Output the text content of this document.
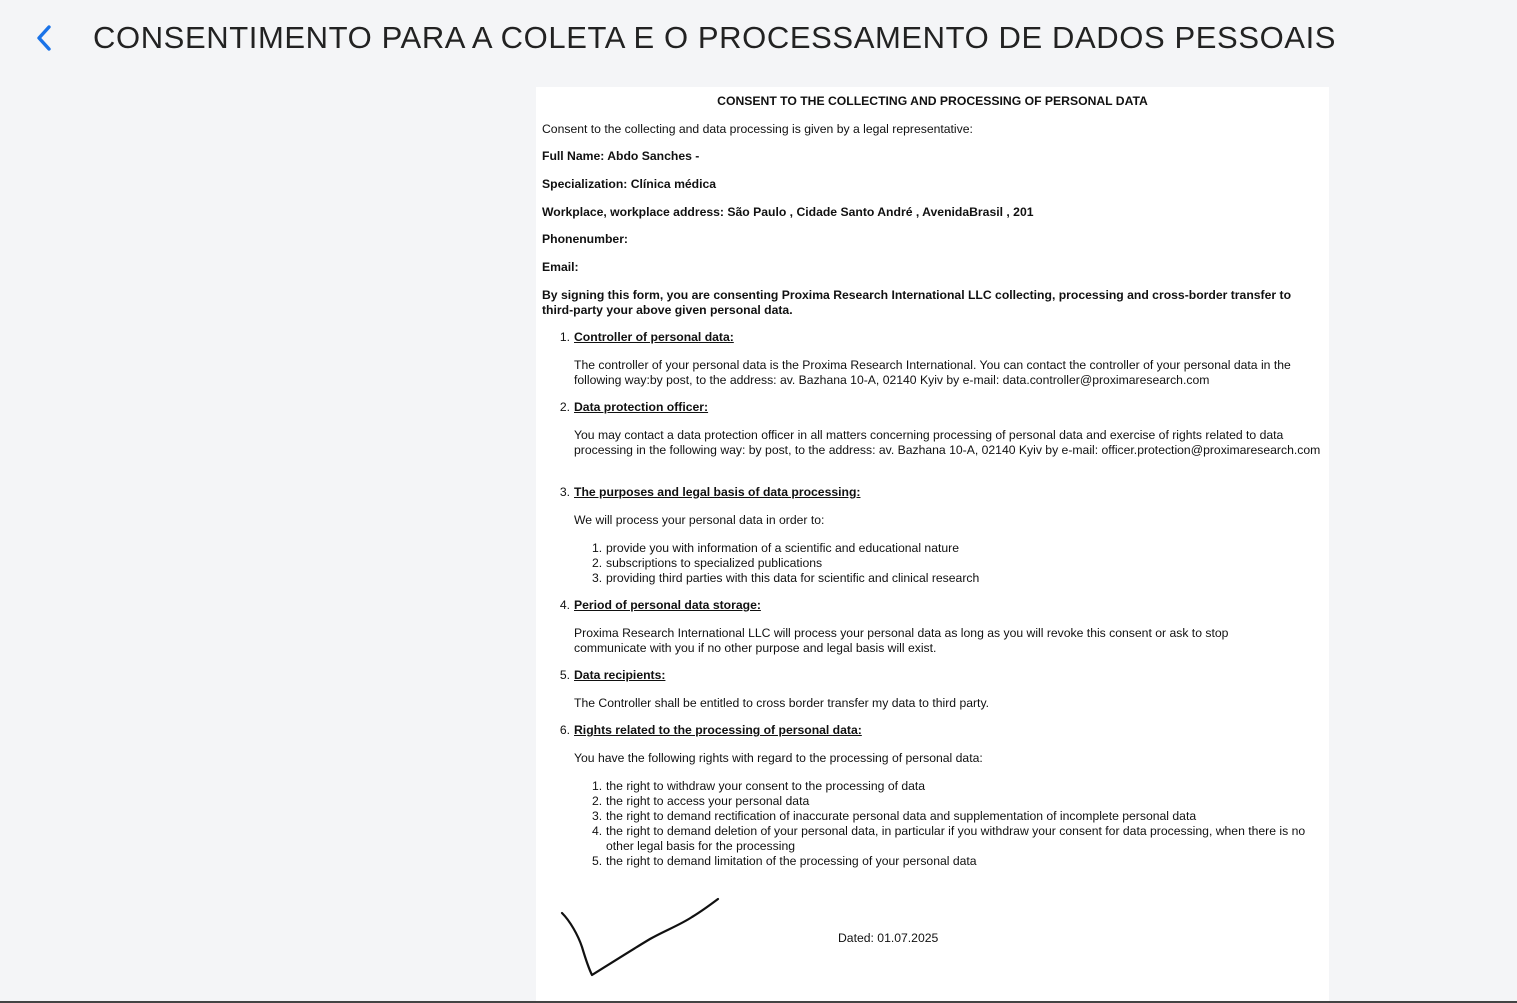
CONSENTIMENTO PARA A COLETA E O PROCESSAMENTO DE DADOS PESSOAIS
CONSENT TO THE COLLECTING AND PROCESSING OF PERSONAL DATA
Consent to the collecting and data processing is given by a legal representative:
Full Name: Abdo Sanches -
Specialization: Clínica médica
Workplace, workplace address: São Paulo , Cidade Santo André , AvenidaBrasil , 201
Phonenumber:
Email:
By signing this form, you are consenting Proxima Research International LLC collecting, processing and cross-border transfer to third-party your above given personal data.
1. Controller of personal data:
The controller of your personal data is the Proxima Research International. You can contact the controller of your personal data in the following way:by post, to the address: av. Bazhana 10-A, 02140 Kyiv by e-mail: data.controller@proximaresearch.com
2. Data protection officer:
You may contact a data protection officer in all matters concerning processing of personal data and exercise of rights related to data processing in the following way: by post, to the address: av. Bazhana 10-A, 02140 Kyiv by e-mail: officer.protection@proximaresearch.com
3. The purposes and legal basis of data processing:
We will process your personal data in order to:
1. provide you with information of a scientific and educational nature
2. subscriptions to specialized publications
3. providing third parties with this data for scientific and clinical research
4. Period of personal data storage:
Proxima Research International LLC will process your personal data as long as you will revoke this consent or ask to stop communicate with you if no other purpose and legal basis will exist.
5. Data recipients:
The Controller shall be entitled to cross border transfer my data to third party.
6. Rights related to the processing of personal data:
You have the following rights with regard to the processing of personal data:
1. the right to withdraw your consent to the processing of data
2. the right to access your personal data
3. the right to demand rectification of inaccurate personal data and supplementation of incomplete personal data
4. the right to demand deletion of your personal data, in particular if you withdraw your consent for data processing, when there is no other legal basis for the processing
5. the right to demand limitation of the processing of your personal data
Dated: 01.07.2025
